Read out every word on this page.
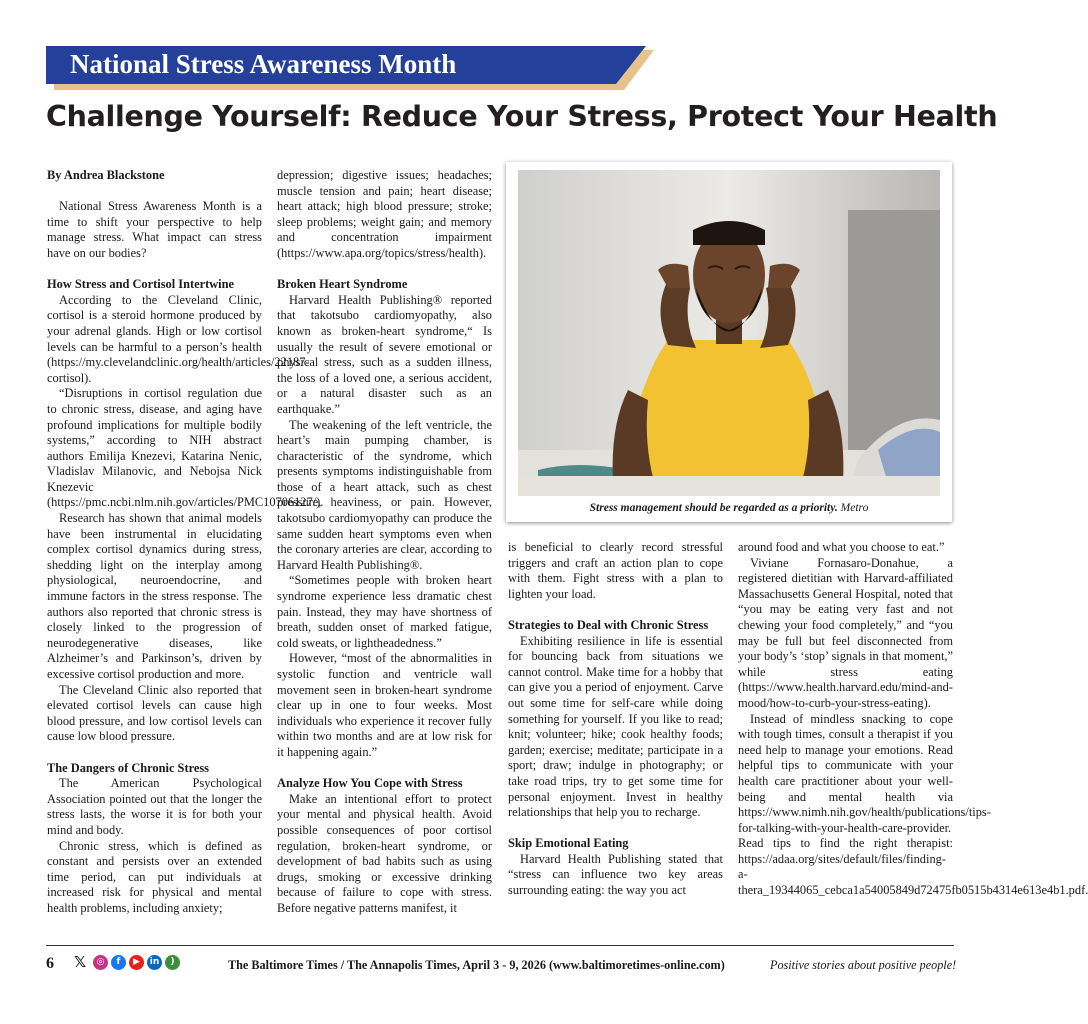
National Stress Awareness Month
Challenge Yourself: Reduce Your Stress, Protect Your Health
By Andrea Blackstone

National Stress Awareness Month is a time to shift your perspective to help manage stress. What impact can stress have on our bodies?

How Stress and Cortisol Intertwine

According to the Cleveland Clinic, cortisol is a steroid hormone produced by your adrenal glands. High or low cortisol levels can be harmful to a person’s health (https://my.clevelandclinic.org/health/articles/22187-cortisol).

“Disruptions in cortisol regulation due to chronic stress, disease, and aging have profound implications for multiple bodily systems,” according to NIH abstract authors Emilija Knezevi, Katarina Nenic, Vladislav Milanovic, and Nebojsa Nick Knezevic (https://pmc.ncbi.nlm.nih.gov/articles/PMC10706127/).

Research has shown that animal models have been instrumental in elucidating complex cortisol dynamics during stress, shedding light on the interplay among physiological, neuroendocrine, and immune factors in the stress response. The authors also reported that chronic stress is closely linked to the progression of neurodegenerative diseases, like Alzheimer’s and Parkinson’s, driven by excessive cortisol production and more.

The Cleveland Clinic also reported that elevated cortisol levels can cause high blood pressure, and low cortisol levels can cause low blood pressure.

The Dangers of Chronic Stress

The American Psychological Association pointed out that the longer the stress lasts, the worse it is for both your mind and body.

Chronic stress, which is defined as constant and persists over an extended time period, can put individuals at increased risk for physical and mental health problems, including anxiety;

depression; digestive issues; headaches; muscle tension and pain; heart disease; heart attack; high blood pressure; stroke; sleep problems; weight gain; and memory and concentration impairment (https://www.apa.org/topics/stress/health).

Broken Heart Syndrome

Harvard Health Publishing® reported that takotsubo cardiomyopathy, also known as broken-heart syndrome,“ Is usually the result of severe emotional or physical stress, such as a sudden illness, the loss of a loved one, a serious accident, or a natural disaster such as an earthquake.”

The weakening of the left ventricle, the heart’s main pumping chamber, is characteristic of the syndrome, which presents symptoms indistinguishable from those of a heart attack, such as chest pressure, heaviness, or pain. However, takotsubo cardiomyopathy can produce the same sudden heart symptoms even when the coronary arteries are clear, according to Harvard Health Publishing®.

“Sometimes people with broken heart syndrome experience less dramatic chest pain. Instead, they may have shortness of breath, sudden onset of marked fatigue, cold sweats, or lightheadedness.”

However, “most of the abnormalities in systolic function and ventricle wall movement seen in broken-heart syndrome clear up in one to four weeks. Most individuals who experience it recover fully within two months and are at low risk for it happening again.”

Analyze How You Cope with Stress

Make an intentional effort to protect your mental and physical health. Avoid possible consequences of poor cortisol regulation, broken-heart syndrome, or development of bad habits such as using drugs, smoking or excessive drinking because of failure to cope with stress. Before negative patterns manifest, it

Stress management should be regarded as a priority. Metro

is beneficial to clearly record stressful triggers and craft an action plan to cope with them. Fight stress with a plan to lighten your load.

Strategies to Deal with Chronic Stress

Exhibiting resilience in life is essential for bouncing back from situations we cannot control. Make time for a hobby that can give you a period of enjoyment. Carve out some time for self-care while doing something for yourself. If you like to read; knit; volunteer; hike; cook healthy foods; garden; exercise; meditate; participate in a sport; draw; indulge in photography; or take road trips, try to get some time for personal enjoyment. Invest in healthy relationships that help you to recharge.

Skip Emotional Eating

Harvard Health Publishing stated that “stress can influence two key areas surrounding eating: the way you act

around food and what you choose to eat.”

Viviane Fornasaro-Donahue, a registered dietitian with Harvard-affiliated Massachusetts General Hospital, noted that “you may be eating very fast and not chewing your food completely,” and “you may be full but feel disconnected from your body’s ‘stop’ signals in that moment,” while stress eating (https://www.health.harvard.edu/mind-and-mood/how-to-curb-your-stress-eating).

Instead of mindless snacking to cope with tough times, consult a therapist if you need help to manage your emotions. Read helpful tips to communicate with your health care practitioner about your well-being and mental health via https://www.nimh.nih.gov/health/publications/tips-for-talking-with-your-health-care-provider. Read tips to find the right therapist: https://adaa.org/sites/default/files/finding-a-thera_19344065_cebca1a54005849d72475fb0515b4314e613e4b1.pdf.

6 𝕏	◎	f	▶	in	)	The Baltimore Times / The Annapolis Times, April 3 - 9, 2026 (www.baltimoretimes-online.com)	Positive stories about positive people!
